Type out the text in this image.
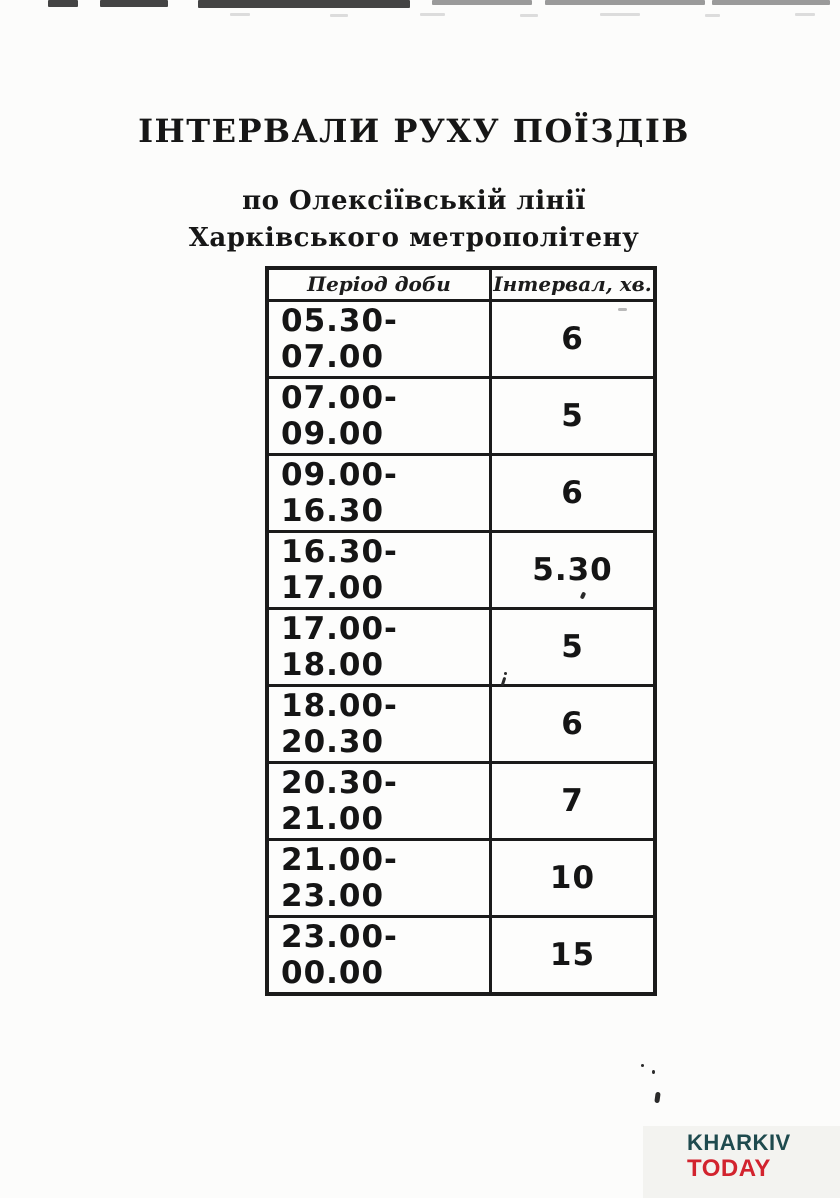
ІНТЕРВАЛИ РУХУ ПОЇЗДІВ
по Олексіївській лінії
Харківського метрополітену
Період доби	Інтервал, хв.
05.30-07.00	6
07.00-09.00	5
09.00-16.30	6
16.30-17.00	5.30
17.00-18.00	5
18.00-20.30	6
20.30-21.00	7
21.00-23.00	10
23.00-00.00	15
KHARKIV
TODAY
